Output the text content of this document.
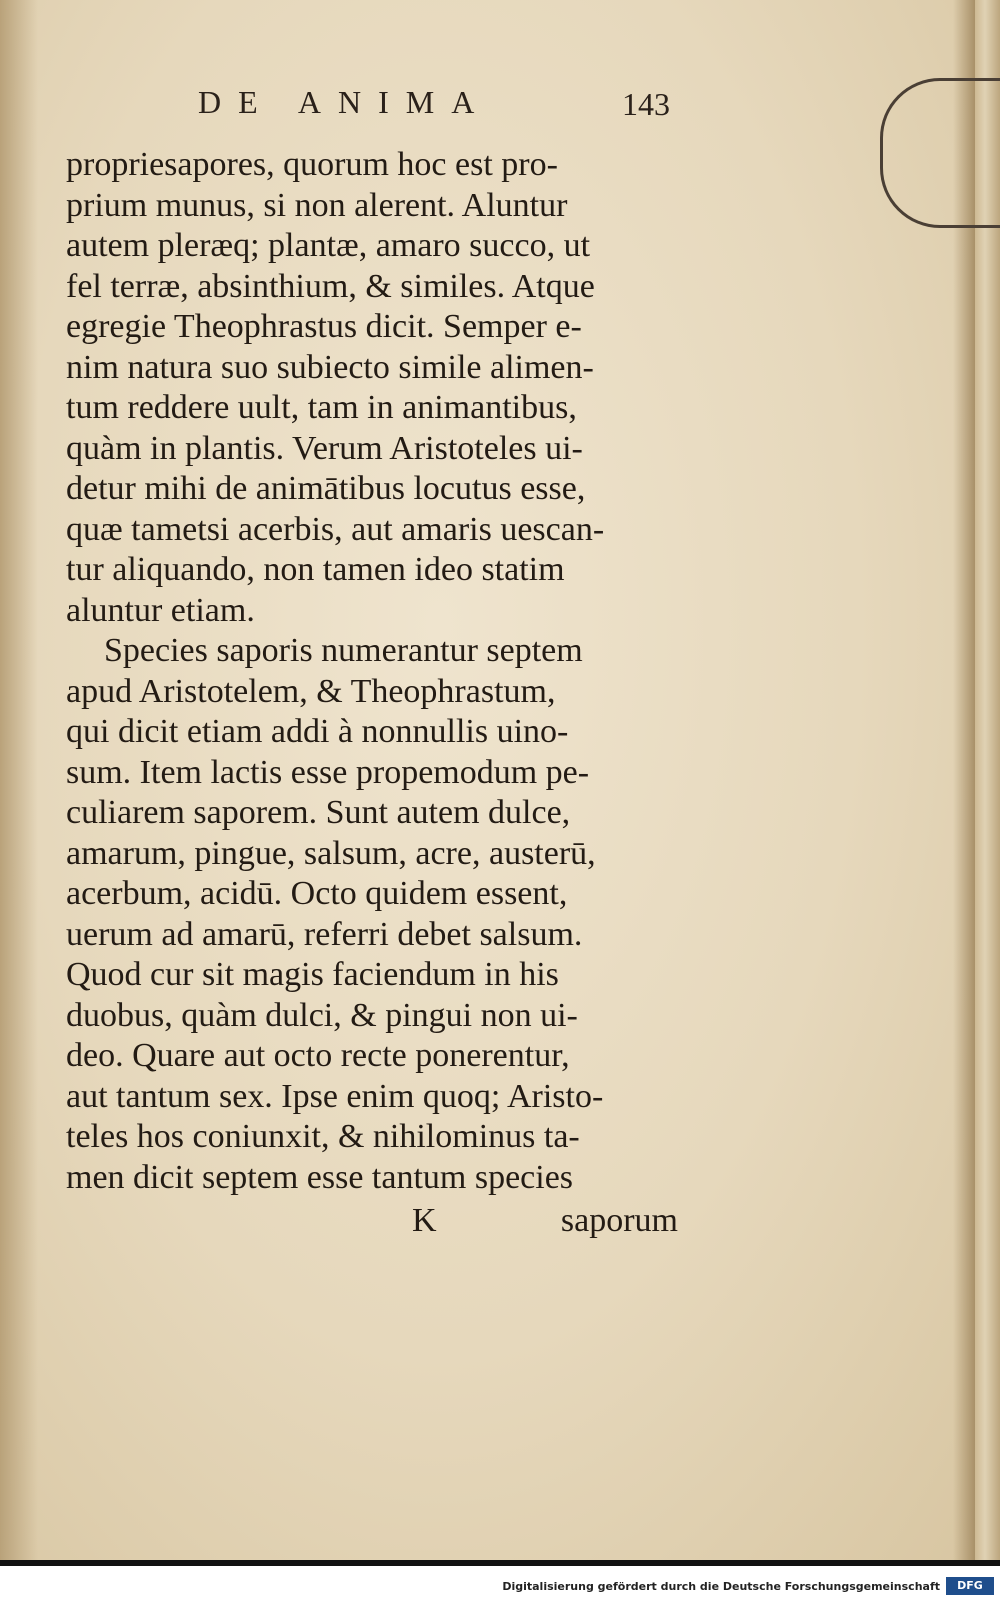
DE ANIMA	143
propriesapores, quorum hoc est pro-
prium munus, si non alerent. Aluntur
autem pleræq; plantæ, amaro succo, ut
fel terræ, absinthium, & similes. Atque
egregie Theophrastus dicit. Semper e-
nim natura suo subiecto simile alimen-
tum reddere uult, tam in animantibus,
quàm in plantis. Verum Aristoteles ui-
detur mihi de animātibus locutus esse,
quæ tametsi acerbis, aut amaris uescan-
tur aliquando, non tamen ideo statim
aluntur etiam.
Species saporis numerantur septem
apud Aristotelem, & Theophrastum,
qui dicit etiam addi à nonnullis uino-
sum. Item lactis esse propemodum pe-
culiarem saporem. Sunt autem dulce,
amarum, pingue, salsum, acre, austerū,
acerbum, acidū. Octo quidem essent,
uerum ad amarū, referri debet salsum.
Quod cur sit magis faciendum in his
duobus, quàm dulci, & pingui non ui-
deo. Quare aut octo recte ponerentur,
aut tantum sex. Ipse enim quoq; Aristo-
teles hos coniunxit, & nihilominus ta-
men dicit septem esse tantum species
K	saporum
Digitalisierung gefördert durch die Deutsche Forschungsgemeinschaft	DFG
